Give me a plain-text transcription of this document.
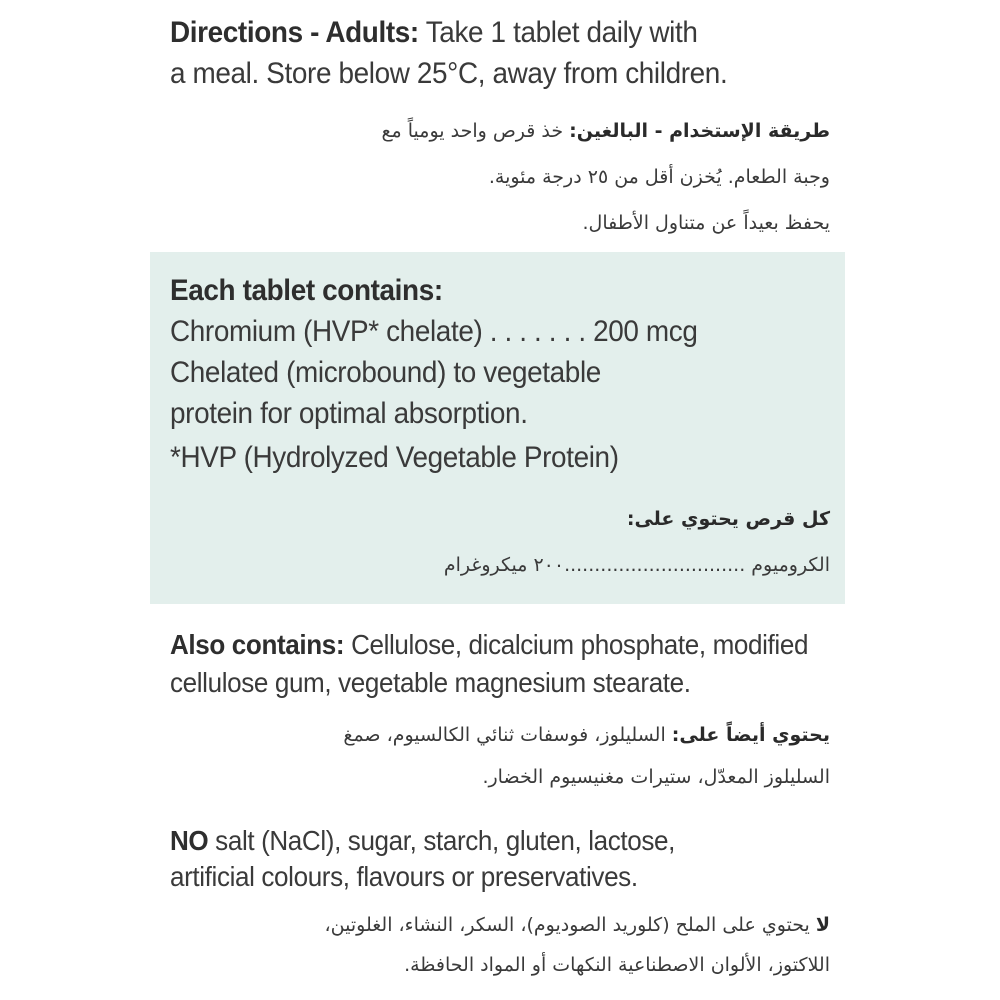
Directions - Adults: Take 1 tablet daily with
a meal. Store below 25°C, away from children.
طريقة الإستخدام - البالغين: خذ قرص واحد يومياً مع
وجبة الطعام. يُخزن أقل من ٢٥ درجة مئوية.
يحفظ بعيداً عن متناول الأطفال.
Each tablet contains:
Chromium (HVP* chelate) . . . . . . . 200 mcg
Chelated (microbound) to vegetable
protein for optimal absorption.
*HVP (Hydrolyzed Vegetable Protein)
كل قرص يحتوي على:
الكروميوم ..............................٢٠٠ ميكروغرام
Also contains: Cellulose, dicalcium phosphate, modified
cellulose gum, vegetable magnesium stearate.
يحتوي أيضاً على: السليلوز، فوسفات ثنائي الكالسيوم، صمغ
السليلوز المعدّل، ستيرات مغنيسيوم الخضار.
NO salt (NaCl), sugar, starch, gluten, lactose,
artificial colours, flavours or preservatives.
لا يحتوي على الملح (كلوريد الصوديوم)، السكر، النشاء، الغلوتين،
اللاكتوز، الألوان الاصطناعية النكهات أو المواد الحافظة.
